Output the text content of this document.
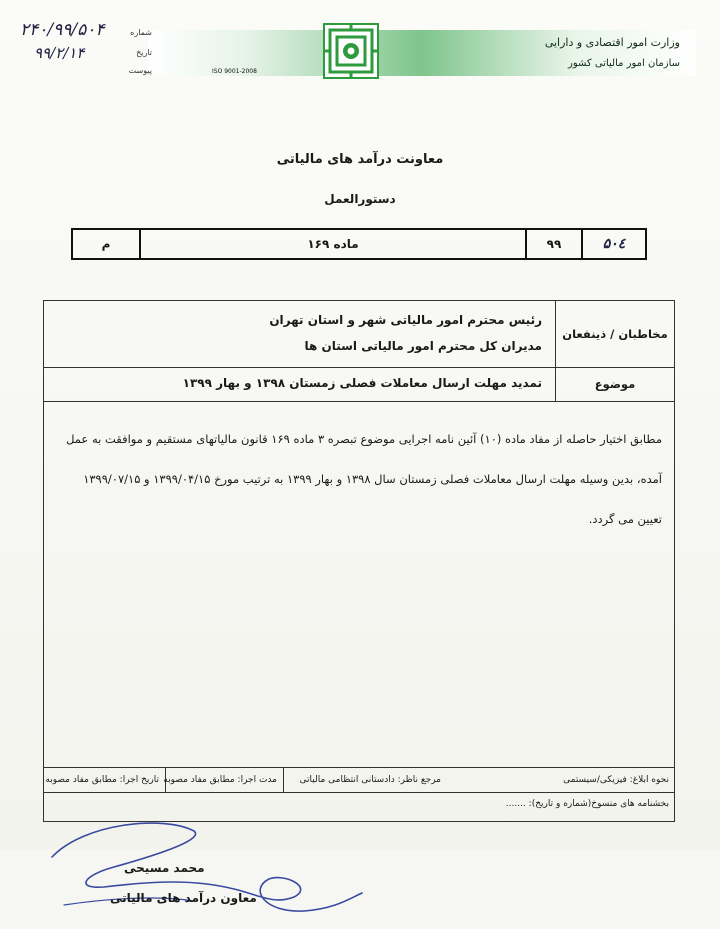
وزارت امور اقتصادی و دارایی
سازمان امور مالیاتی کشور
ISO 9001-2008
شماره
تاریخ
پیوست
۲۴۰/۹۹/۵۰۴
۹۹/۲/۱۴
معاونت درآمد های مالیاتی
دستورالعمل
۵۰٤
۹۹
ماده ۱۶۹
م
مخاطبان / ذینفعان
رئیس محترم امور مالیاتی شهر و استان تهران
مدیران کل محترم امور مالیاتی استان ها
موضوع
تمدید مهلت ارسال معاملات فصلی زمستان ۱۳۹۸ و بهار ۱۳۹۹

مطابق اختیار حاصله از مفاد ماده (۱۰) آئین نامه اجرایی موضوع تبصره ۳ ماده ۱۶۹ قانون مالیاتهای مستقیم و موافقت به عمل

آمده، بدین وسیله مهلت ارسال معاملات فصلی زمستان سال ۱۳۹۸ و بهار ۱۳۹۹ به ترتیب مورخ ۱۳۹۹/۰۴/۱۵ و ۱۳۹۹/۰۷/۱۵

تعیین می گردد.

محمد مسیحی
معاون درآمد های مالیاتی
تاریخ اجرا: مطابق مفاد مصوبه مدت اجرا: مطابق مفاد مصوبه	مرجع ناظر: دادستانی انتظامی مالیاتی	نحوه ابلاغ: فیزیکی/سیستمی
بخشنامه های منسوخ(شماره و تاریخ): .......
